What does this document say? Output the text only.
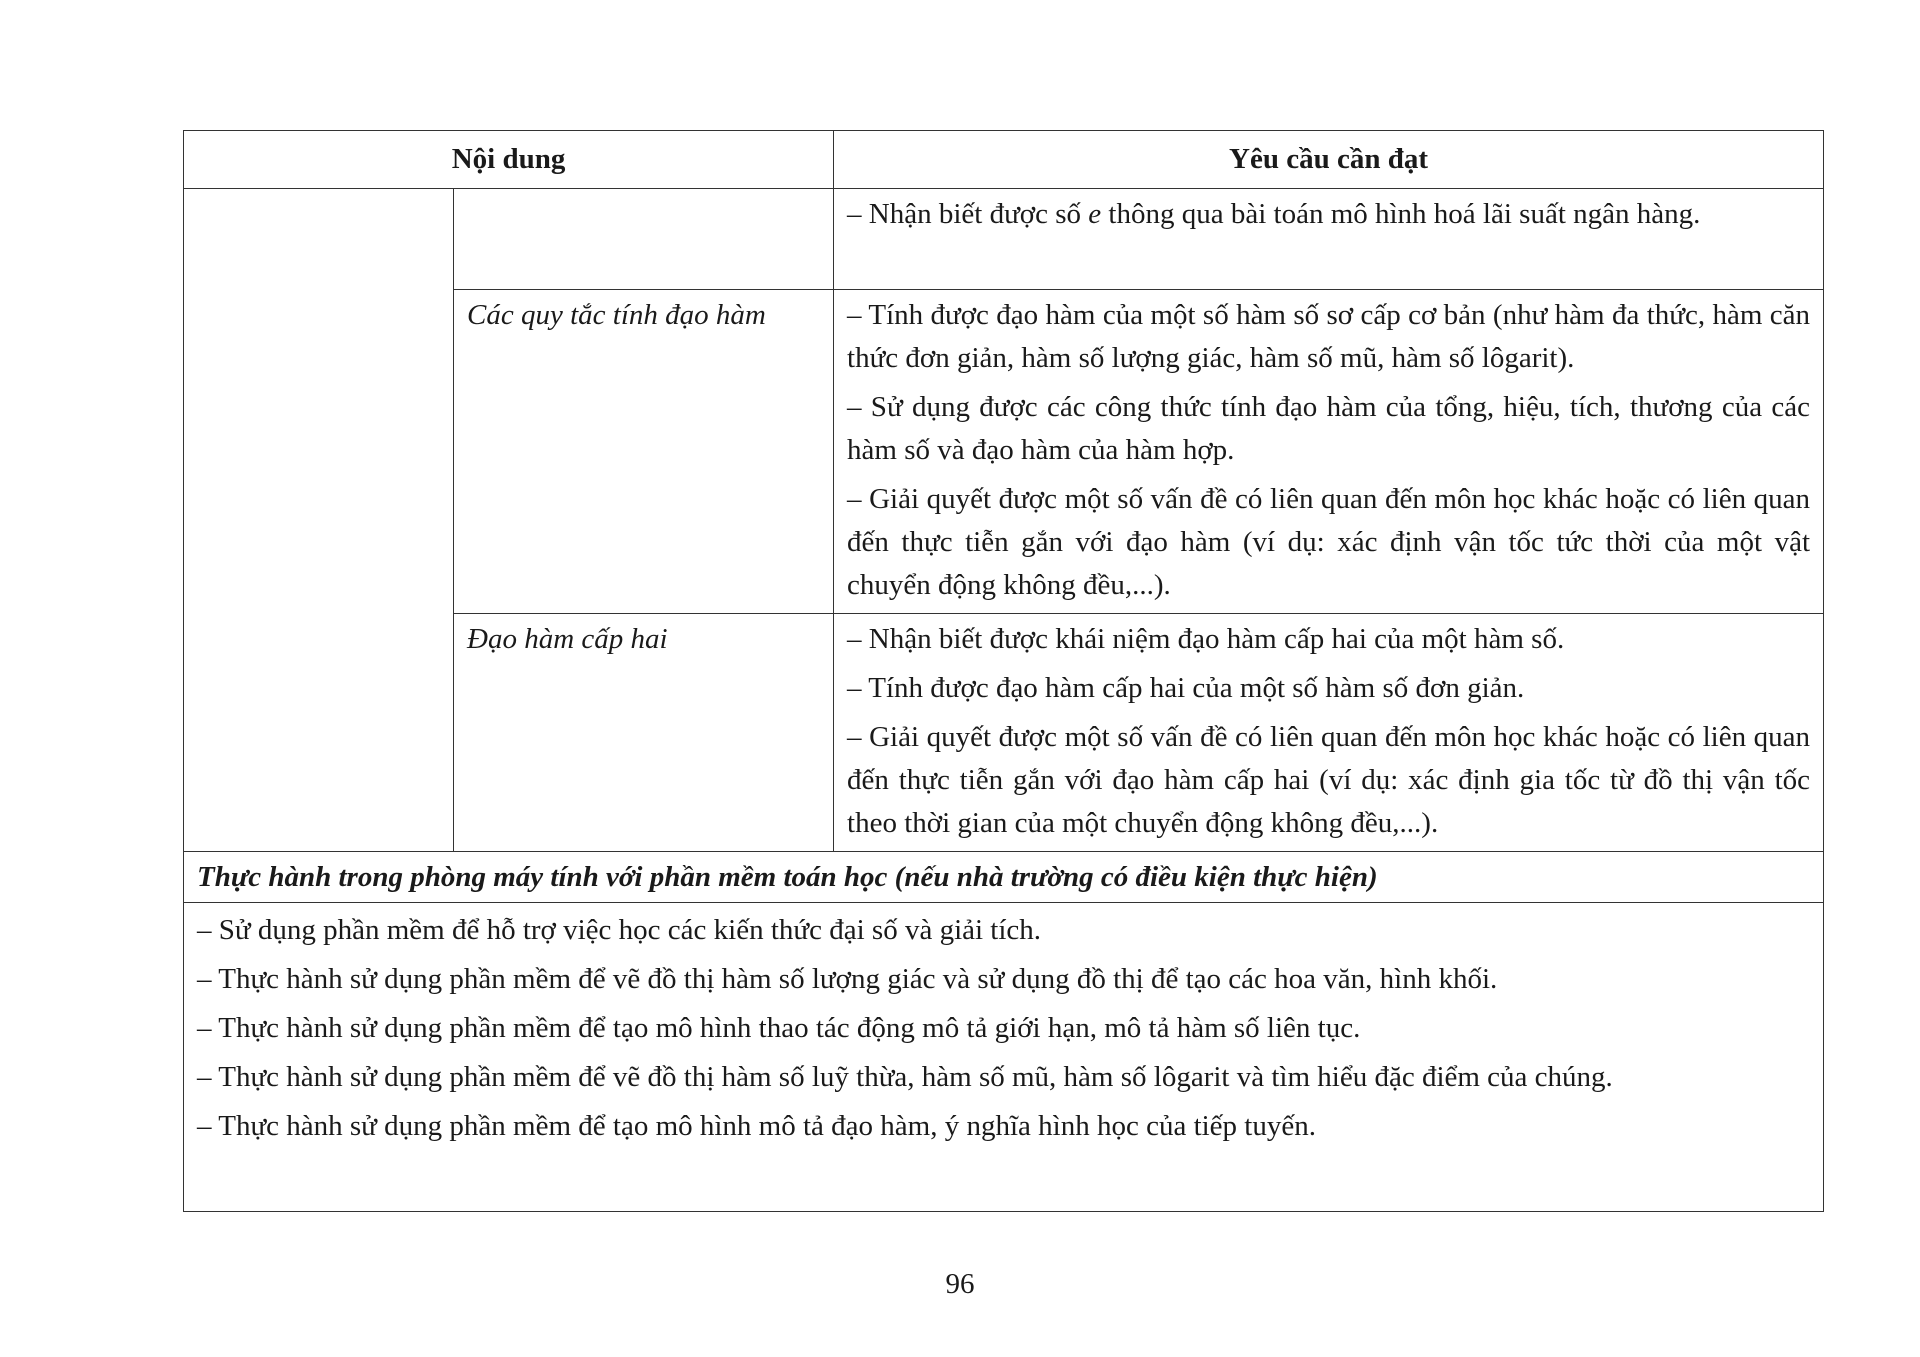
Nội dung		Yêu cầu cần đạt

		– Nhận biết được số e thông qua bài toán mô hình hoá lãi suất ngân hàng.

	Các quy tắc tính đạo hàm	– Tính được đạo hàm của một số hàm số sơ cấp cơ bản (như hàm đa thức, hàm căn thức đơn giản, hàm số lượng giác, hàm số mũ, hàm số lôgarit).

– Sử dụng được các công thức tính đạo hàm của tổng, hiệu, tích, thương của các hàm số và đạo hàm của hàm hợp.

– Giải quyết được một số vấn đề có liên quan đến môn học khác hoặc có liên quan đến thực tiễn gắn với đạo hàm (ví dụ: xác định vận tốc tức thời của một vật chuyển động không đều,...).

	Đạo hàm cấp hai	– Nhận biết được khái niệm đạo hàm cấp hai của một hàm số.

– Tính được đạo hàm cấp hai của một số hàm số đơn giản.

– Giải quyết được một số vấn đề có liên quan đến môn học khác hoặc có liên quan đến thực tiễn gắn với đạo hàm cấp hai (ví dụ: xác định gia tốc từ đồ thị vận tốc theo thời gian của một chuyển động không đều,...).

Thực hành trong phòng máy tính với phần mềm toán học (nếu nhà trường có điều kiện thực hiện)		

– Sử dụng phần mềm để hỗ trợ việc học các kiến thức đại số và giải tích.

– Thực hành sử dụng phần mềm để vẽ đồ thị hàm số lượng giác và sử dụng đồ thị để tạo các hoa văn, hình khối.

– Thực hành sử dụng phần mềm để tạo mô hình thao tác động mô tả giới hạn, mô tả hàm số liên tục.

– Thực hành sử dụng phần mềm để vẽ đồ thị hàm số luỹ thừa, hàm số mũ, hàm số lôgarit và tìm hiểu đặc điểm của chúng.

– Thực hành sử dụng phần mềm để tạo mô hình mô tả đạo hàm, ý nghĩa hình học của tiếp tuyến.		

96
